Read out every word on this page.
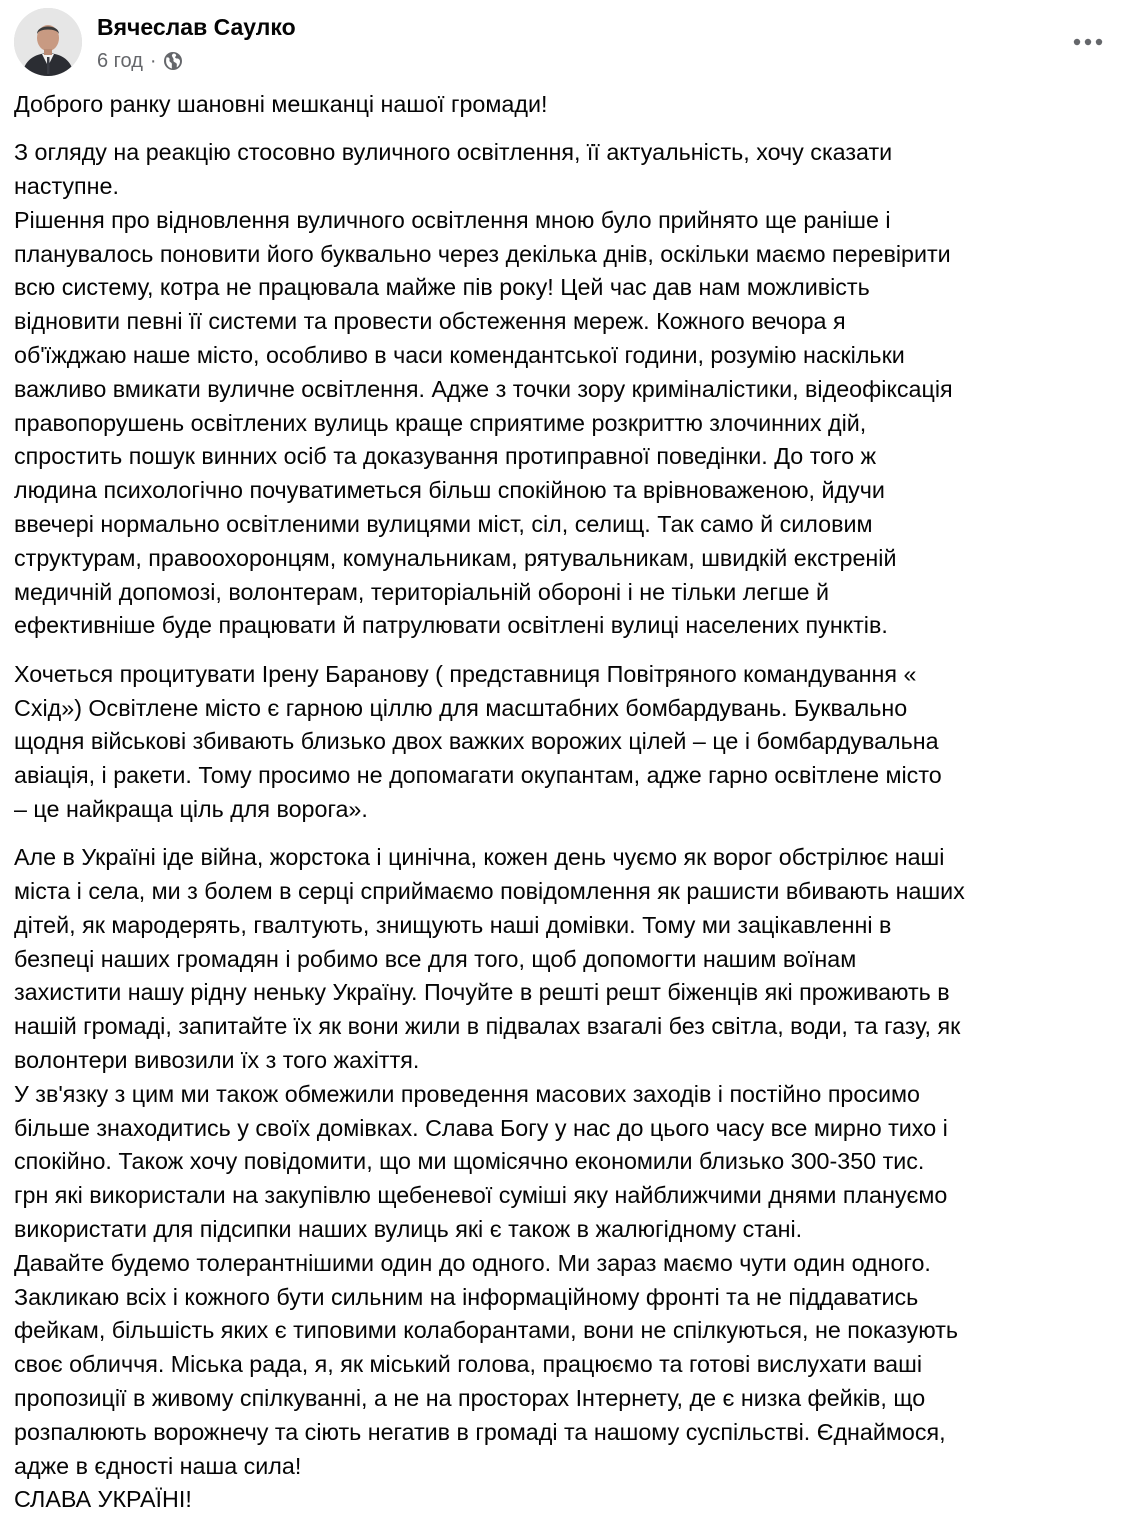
Вячеслав Саулко
6 год ·
Доброго ранку шановні мешканці нашої громади!
З огляду на реакцію стосовно вуличного освітлення, її актуальність, хочу сказати
наступне.
Рішення про відновлення вуличного освітлення мною було прийнято ще раніше і
планувалось поновити його буквально через декілька днів, оскільки маємо перевірити
всю систему, котра не працювала майже пів року! Цей час дав нам можливість
відновити певні її системи та провести обстеження мереж. Кожного вечора я
об'їжджаю наше місто, особливо в часи комендантської години, розумію наскільки
важливо вмикати вуличне освітлення. Адже з точки зору криміналістики, відеофіксація
правопорушень освітлених вулиць краще сприятиме розкриттю злочинних дій,
спростить пошук винних осіб та доказування протиправної поведінки. До того ж
людина психологічно почуватиметься більш спокійною та врівноваженою, йдучи
ввечері нормально освітленими вулицями міст, сіл, селищ. Так само й силовим
структурам, правоохоронцям, комунальникам, рятувальникам, швидкій екстреній
медичній допомозі, волонтерам, територіальній обороні і не тільки легше й
ефективніше буде працювати й патрулювати освітлені вулиці населених пунктів.
Хочеться процитувати Ірену Баранову ( представниця Повітряного командування «
Схід») Освітлене місто є гарною ціллю для масштабних бомбардувань. Буквально
щодня військові збивають близько двох важких ворожих цілей – це і бомбардувальна
авіація, і ракети. Тому просимо не допомагати окупантам, адже гарно освітлене місто
– це найкраща ціль для ворога».
Але в Україні іде війна, жорстока і цинічна, кожен день чуємо як ворог обстрілює наші
міста і села, ми з болем в серці сприймаємо повідомлення як рашисти вбивають наших
дітей, як мародерять, гвалтують, знищують наші домівки. Тому ми зацікавленні в
безпеці наших громадян і робимо все для того, щоб допомогти нашим воїнам
захистити нашу рідну неньку Україну. Почуйте в решті решт біженців які проживають в
нашій громаді, запитайте їх як вони жили в підвалах взагалі без світла, води, та газу, як
волонтери вивозили їх з того жахіття.
У зв'язку з цим ми також обмежили проведення масових заходів і постійно просимо
більше знаходитись у своїх домівках. Слава Богу у нас до цього часу все мирно тихо і
спокійно. Також хочу повідомити, що ми щомісячно економили близько 300-350 тис.
грн які використали на закупівлю щебеневої суміші яку найближчими днями плануємо
використати для підсипки наших вулиць які є також в жалюгідному стані.
Давайте будемо толерантнішими один до одного. Ми зараз маємо чути один одного.
Закликаю всіх і кожного бути сильним на інформаційному фронті та не піддаватись
фейкам, більшість яких є типовими колаборантами, вони не спілкуються, не показують
своє обличчя. Міська рада, я, як міський голова, працюємо та готові вислухати ваші
пропозиції в живому спілкуванні, а не на просторах Інтернету, де є низка фейків, що
розпалюють ворожнечу та сіють негатив в громаді та нашому суспільстві. Єднаймося,
адже в єдності наша сила!
СЛАВА УКРАЇНІ!
